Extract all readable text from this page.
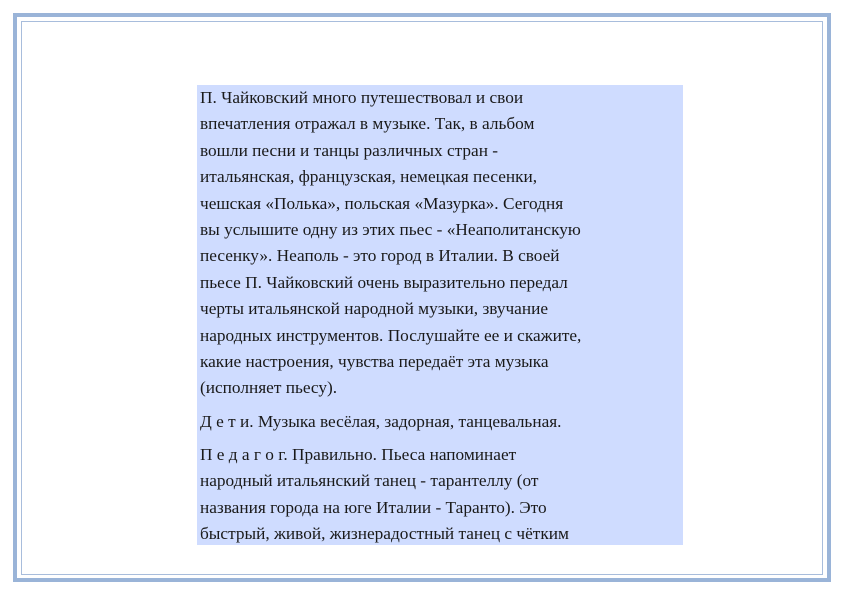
П. Чайковский много путешествовал и свои
впечатления отражал в музыке. Так, в альбом
вошли песни и танцы различных стран -
итальянская, французская, немецкая песенки,
чешская «Полька», польская «Мазурка». Сегодня
вы услышите одну из этих пьес - «Неаполитанскую
песенку». Неаполь - это город в Италии. В своей
пьесе П. Чайковский очень выразительно передал
черты итальянской народной музыки, звучание
народных инструментов. Послушайте ее и скажите,
какие настроения, чувства передаёт эта музыка
(исполняет пьесу).
Д е т и. Музыка весёлая, задорная, танцевальная.
П е д а г о г. Правильно. Пьеса напоминает
народный итальянский танец - тарантеллу (от
названия города на юге Италии - Таранто). Это
быстрый, живой, жизнерадостный танец с чётким
